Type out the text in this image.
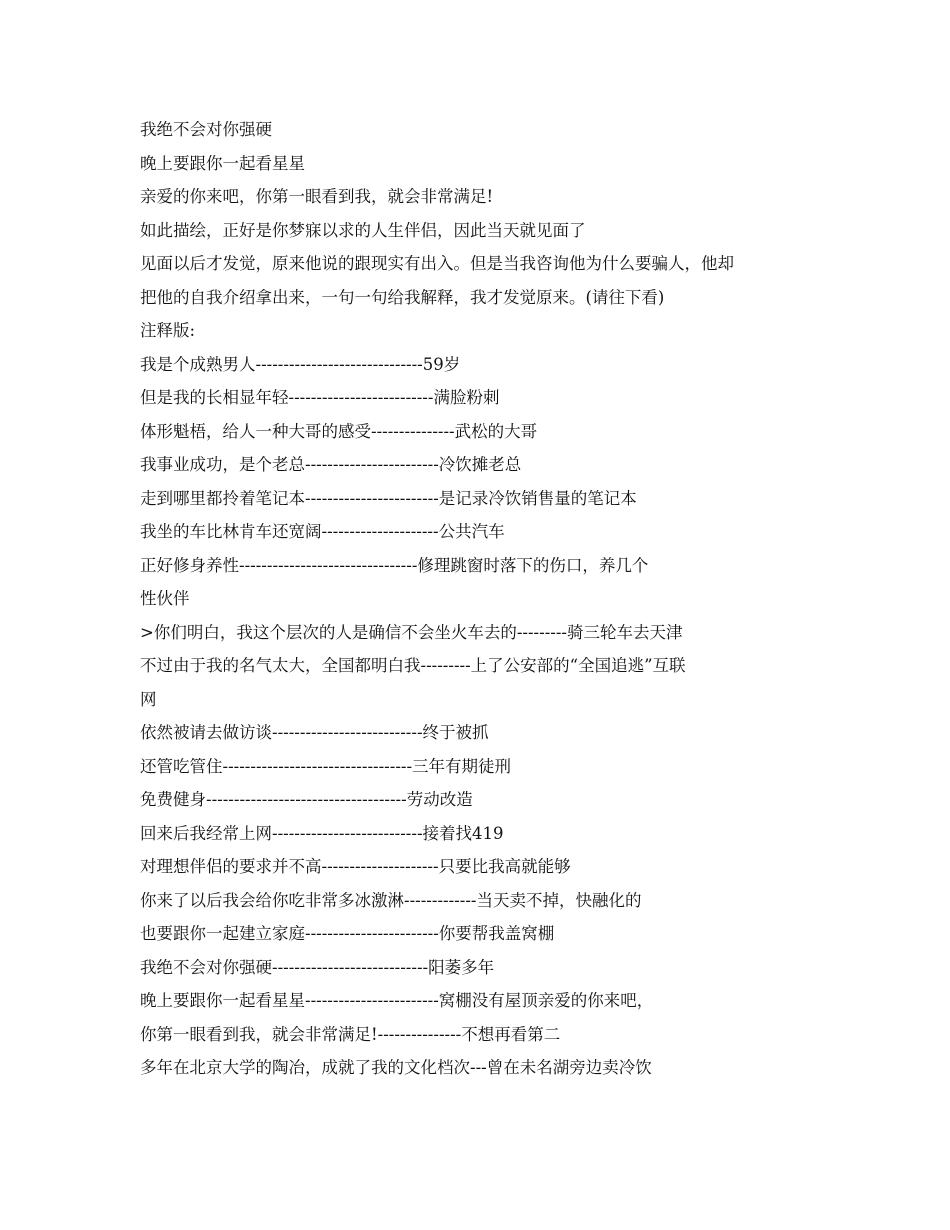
我绝不会对你强硬
晚上要跟你一起看星星
亲爱的你来吧，你第一眼看到我，就会非常满足!
如此描绘，正好是你梦寐以求的人生伴侣，因此当天就见面了
见面以后才发觉，原来他说的跟现实有出入。但是当我咨询他为什么要骗人，他却
把他的自我介绍拿出来，一句一句给我解释，我才发觉原来。(请往下看)
注释版:
我是个成熟男人------------------------------59岁
但是我的长相显年轻--------------------------满脸粉刺
体形魁梧，给人一种大哥的感受---------------武松的大哥
我事业成功，是个老总------------------------冷饮摊老总
走到哪里都拎着笔记本------------------------是记录冷饮销售量的笔记本
我坐的车比林肯车还宽阔---------------------公共汽车
正好修身养性--------------------------------修理跳窗时落下的伤口，养几个
性伙伴
>你们明白，我这个层次的人是确信不会坐火车去的---------骑三轮车去天津
不过由于我的名气太大，全国都明白我---------上了公安部的“全国追逃”互联
网
依然被请去做访谈---------------------------终于被抓
还管吃管住----------------------------------三年有期徒刑
免费健身------------------------------------劳动改造
回来后我经常上网---------------------------接着找419
对理想伴侣的要求并不高---------------------只要比我高就能够
你来了以后我会给你吃非常多冰激淋-------------当天卖不掉，快融化的
也要跟你一起建立家庭------------------------你要帮我盖窝棚
我绝不会对你强硬----------------------------阳萎多年
晚上要跟你一起看星星------------------------窝棚没有屋顶亲爱的你来吧，
你第一眼看到我，就会非常满足!---------------不想再看第二
多年在北京大学的陶冶，成就了我的文化档次---曾在未名湖旁边卖冷饮
